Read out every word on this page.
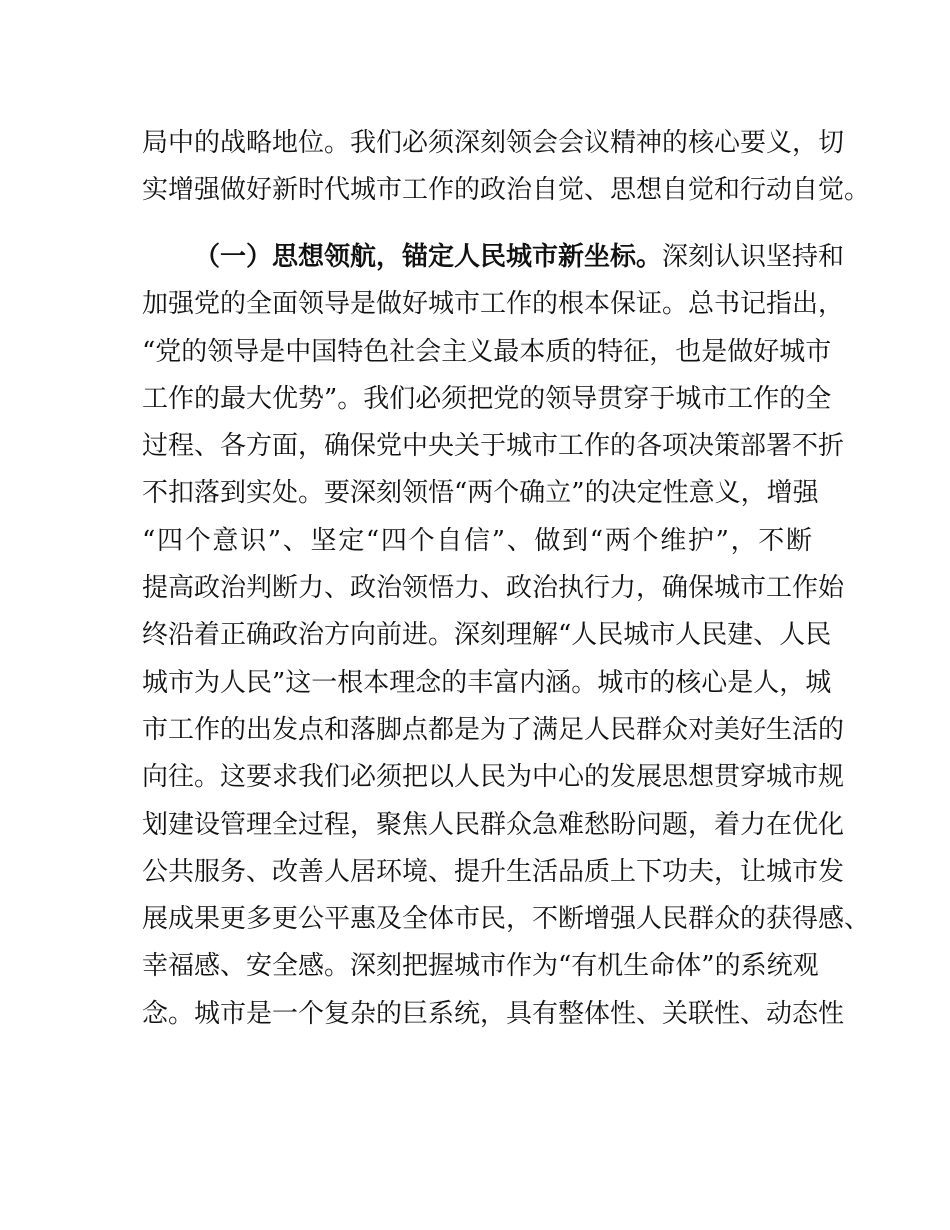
局中的战略地位。我们必须深刻领会会议精神的核心要义，切
实增强做好新时代城市工作的政治自觉、思想自觉和行动自觉。
（一）思想领航，锚定人民城市新坐标。深刻认识坚持和
加强党的全面领导是做好城市工作的根本保证。总书记指出，
“党的领导是中国特色社会主义最本质的特征，也是做好城市
工作的最大优势”。我们必须把党的领导贯穿于城市工作的全
过程、各方面，确保党中央关于城市工作的各项决策部署不折
不扣落到实处。要深刻领悟“两个确立”的决定性意义，增强
“四个意识”、坚定“四个自信”、做到“两个维护”，不断
提高政治判断力、政治领悟力、政治执行力，确保城市工作始
终沿着正确政治方向前进。深刻理解“人民城市人民建、人民
城市为人民”这一根本理念的丰富内涵。城市的核心是人，城
市工作的出发点和落脚点都是为了满足人民群众对美好生活的
向往。这要求我们必须把以人民为中心的发展思想贯穿城市规
划建设管理全过程，聚焦人民群众急难愁盼问题，着力在优化
公共服务、改善人居环境、提升生活品质上下功夫，让城市发
展成果更多更公平惠及全体市民，不断增强人民群众的获得感、
幸福感、安全感。深刻把握城市作为“有机生命体”的系统观
念。城市是一个复杂的巨系统，具有整体性、关联性、动态性
